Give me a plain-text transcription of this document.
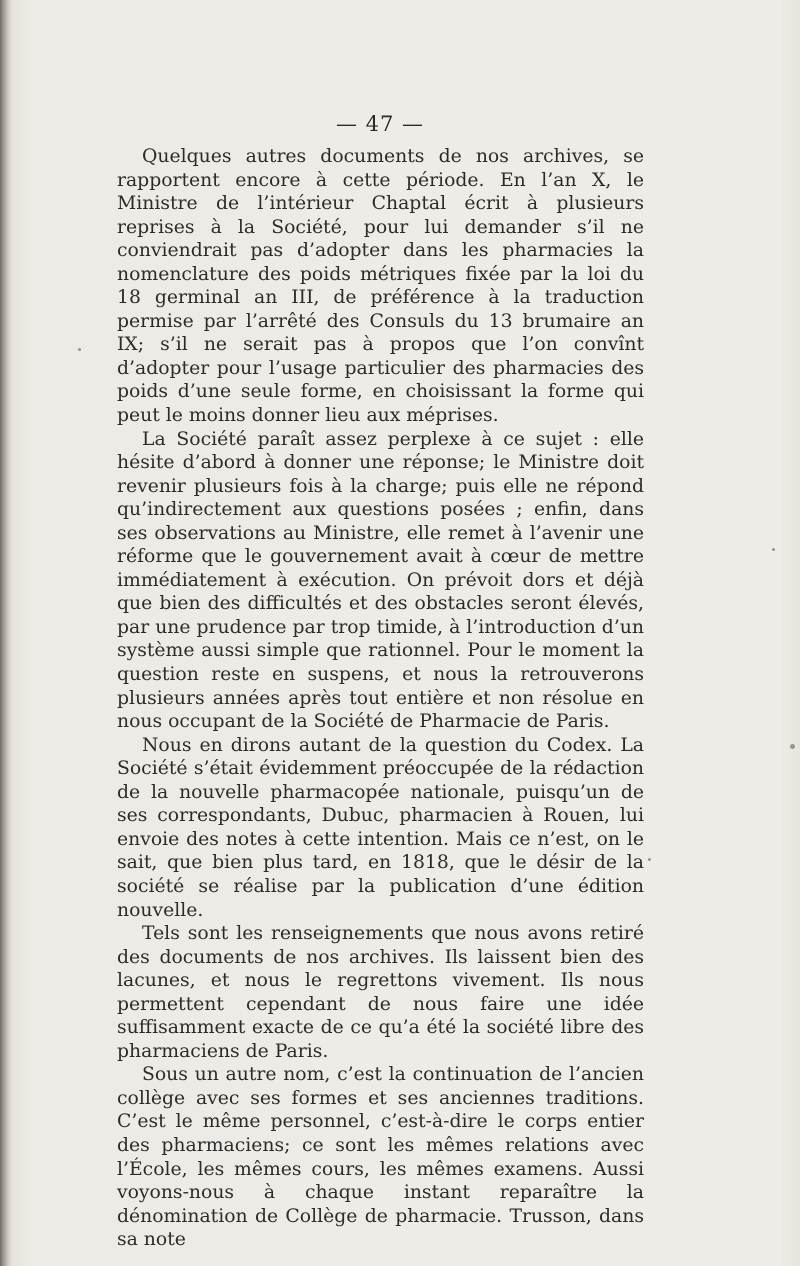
— 47 —

Quelques autres documents de nos archives, se rapportent encore à cette période. En l’an X, le Ministre de l’intérieur Chaptal écrit à plusieurs reprises à la Société, pour lui demander s’il ne conviendrait pas d’adopter dans les pharmacies la nomenclature des poids métriques fixée par la loi du 18 germinal an III, de préférence à la traduction permise par l’arrêté des Consuls du 13 brumaire an IX; s’il ne serait pas à propos que l’on convînt d’adopter pour l’usage particulier des pharmacies des poids d’une seule forme, en choisissant la forme qui peut le moins donner lieu aux méprises.

La Société paraît assez perplexe à ce sujet : elle hésite d’abord à donner une réponse; le Ministre doit revenir plusieurs fois à la charge; puis elle ne répond qu’indirectement aux questions posées ; enfin, dans ses observations au Ministre, elle remet à l’avenir une réforme que le gouvernement avait à cœur de mettre immédiatement à exécution. On prévoit dors et déjà que bien des difficultés et des obstacles seront élevés, par une prudence par trop timide, à l’introduction d’un système aussi simple que rationnel. Pour le moment la question reste en suspens, et nous la retrouverons plusieurs années après tout entière et non résolue en nous occupant de la Société de Pharmacie de Paris.

Nous en dirons autant de la question du Codex. La Société s’était évidemment préoccupée de la rédaction de la nouvelle pharmacopée nationale, puisqu’un de ses correspondants, Dubuc, pharmacien à Rouen, lui envoie des notes à cette intention. Mais ce n’est, on le sait, que bien plus tard, en 1818, que le désir de la société se réalise par la publication d’une édition nouvelle.

Tels sont les renseignements que nous avons retiré des documents de nos archives. Ils laissent bien des lacunes, et nous le regrettons vivement. Ils nous permettent cependant de nous faire une idée suffisamment exacte de ce qu’a été la société libre des pharmaciens de Paris.

Sous un autre nom, c’est la continuation de l’ancien collège avec ses formes et ses anciennes traditions. C’est le même personnel, c’est-à-dire le corps entier des pharmaciens; ce sont les mêmes relations avec l’École, les mêmes cours, les mêmes examens. Aussi voyons-nous à chaque instant reparaître la dénomination de Collège de pharmacie. Trusson, dans sa note
